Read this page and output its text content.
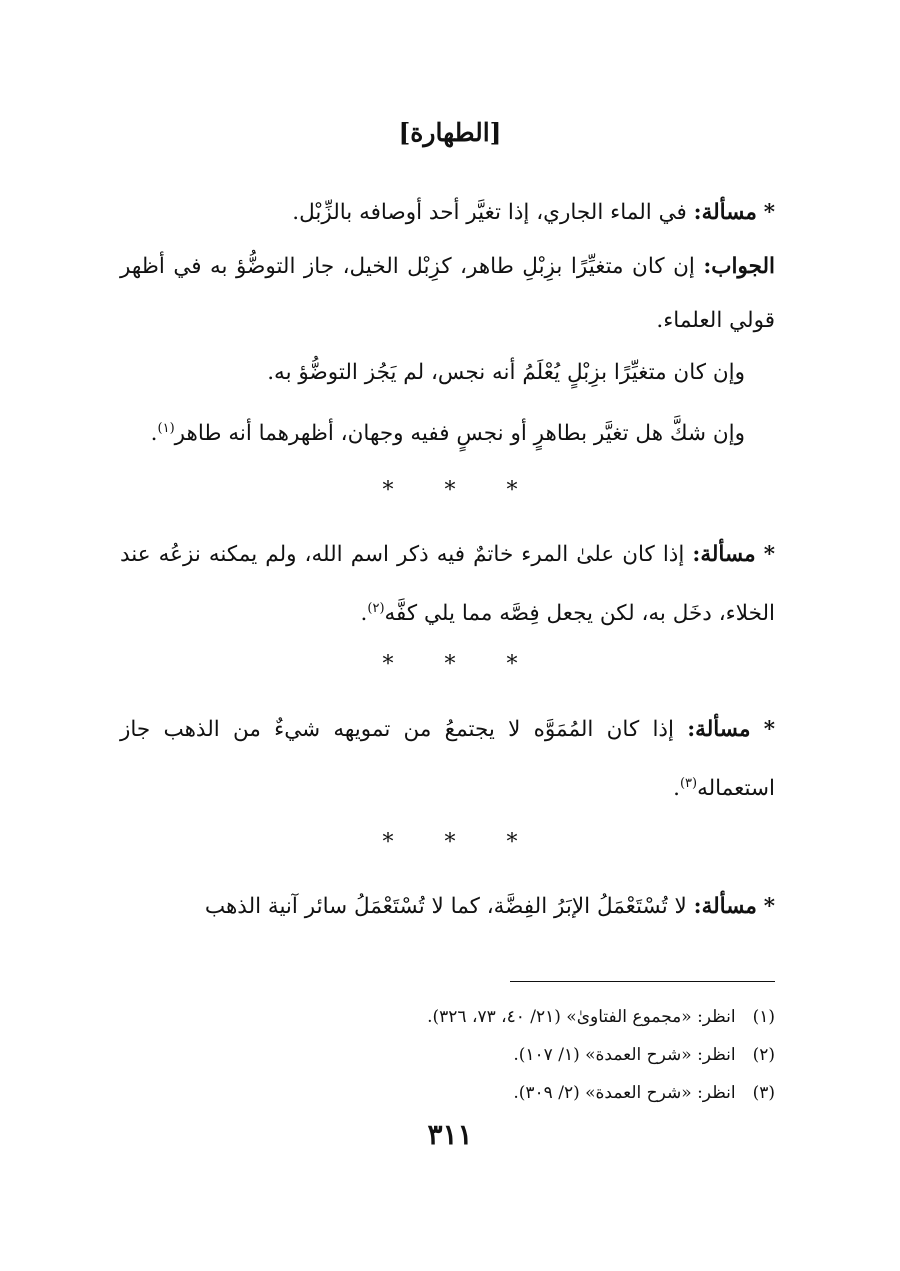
[الطهارة]
* مسألة: في الماء الجاري، إذا تغيَّر أحد أوصافه بالزِّبْل.
الجواب: إن كان متغيِّرًا بزِبْلِ طاهر، كزِبْل الخيل، جاز التوضُّؤ به في أظهر قولي العلماء.
وإن كان متغيِّرًا بزِبْلٍ يُعْلَمُ أنه نجس، لم يَجُز التوضُّؤ به.
وإن شكَّ هل تغيَّر بطاهرٍ أو نجسٍ ففيه وجهان، أظهرهما أنه طاهر$^{(١)}$.
* * *
* مسألة: إذا كان علىٰ المرء خاتمٌ فيه ذكر اسم الله، ولم يمكنه نزعُه عند الخلاء، دخَل به، لكن يجعل فِصَّه مما يلي كفَّه$^{(٢)}$.
* * *
* مسألة: إذا كان المُمَوَّه لا يجتمعُ من تمويهه شيءٌ من الذهب جاز استعماله$^{(٣)}$.
* * *
* مسألة: لا تُسْتَعْمَلُ الإبَرُ الفِضَّة، كما لا تُسْتَعْمَلُ سائر آنية الذهب
(١) انظر: «مجموع الفتاوىٰ» (٢١/ ٤٠، ٧٣، ٣٢٦).
(٢) انظر: «شرح العمدة» (١/ ١٠٧).
(٣) انظر: «شرح العمدة» (٢/ ٣٠٩).
٣١١
